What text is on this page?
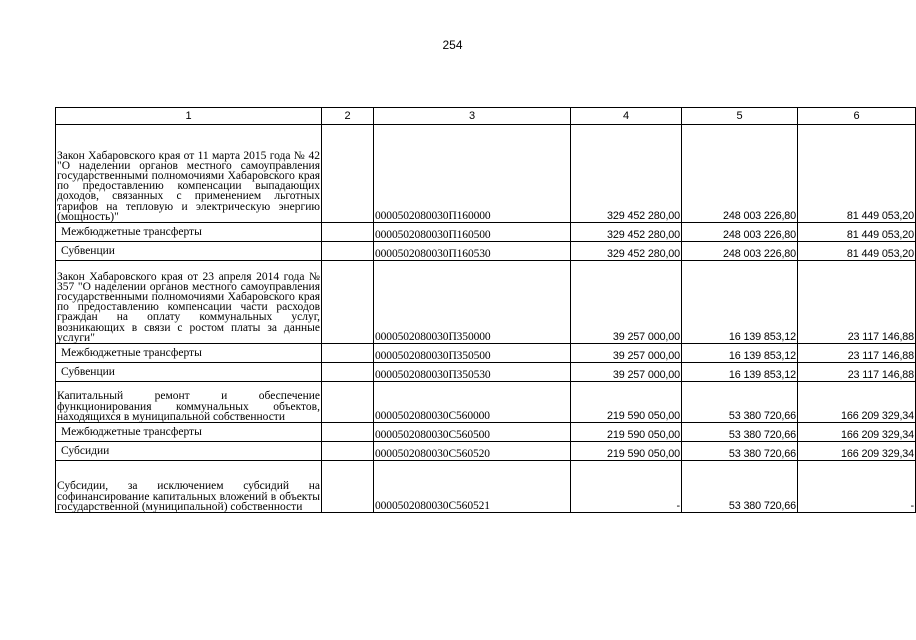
254
1	2	3	4	5	6
Закон Хабаровского края от 11 марта 2015 года № 42 "О наделении органов местного самоуправления государственными полномочиями Хабаровского края по предоставлению компенсации выпадающих доходов, связанных с применением льготных тарифов на тепловую и электрическую энергию (мощность)"		0000502080030П160000	329 452 280,00	248 003 226,80	81 449 053,20
Межбюджетные трансферты		0000502080030П160500	329 452 280,00	248 003 226,80	81 449 053,20
Субвенции		0000502080030П160530	329 452 280,00	248 003 226,80	81 449 053,20
Закон Хабаровского края от 23 апреля 2014 года № 357 "О наделении органов местного самоуправления государственными полномочиями Хабаровского края по предоставлению компенсации части расходов граждан на оплату коммунальных услуг, возникающих в связи с ростом платы за данные услуги"		0000502080030П350000	39 257 000,00	16 139 853,12	23 117 146,88
Межбюджетные трансферты		0000502080030П350500	39 257 000,00	16 139 853,12	23 117 146,88
Субвенции		0000502080030П350530	39 257 000,00	16 139 853,12	23 117 146,88
Капитальный ремонт и обеспечение функционирования коммунальных объектов, находящихся в муниципальной собственности		0000502080030С560000	219 590 050,00	53 380 720,66	166 209 329,34
Межбюджетные трансферты		0000502080030С560500	219 590 050,00	53 380 720,66	166 209 329,34
Субсидии		0000502080030С560520	219 590 050,00	53 380 720,66	166 209 329,34
Субсидии, за исключением субсидий на софинансирование капитальных вложений в объекты государственной (муниципальной) собственности		0000502080030С560521	-	53 380 720,66	-
